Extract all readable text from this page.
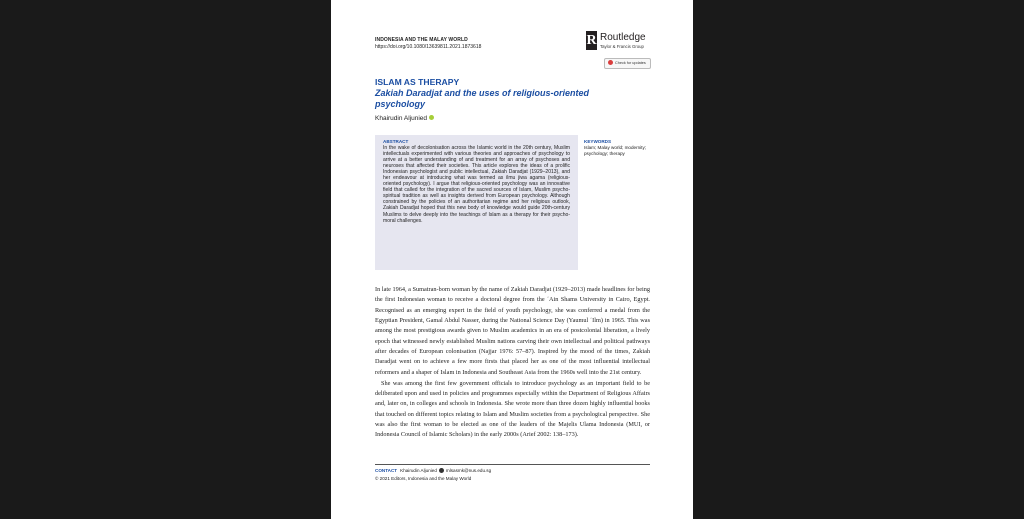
INDONESIA AND THE MALAY WORLD
https://doi.org/10.1080/13639811.2021.1873618	R Routledge
Taylor & Francis Group
Check for updates
ISLAM AS THERAPY
Zakiah Daradjat and the uses of religious-oriented psychology
Khairudin Aljunied
ABSTRACT
In the wake of decolonisation across the Islamic world in the 20th century, Muslim intellectuals experimented with various theories and approaches of psychology to arrive at a better understanding of and treatment for an array of psychoses and neuroses that affected their societies. This article explores the ideas of a prolific Indonesian psychologist and public intellectual, Zakiah Daradjat (1929–2013), and her endeavour at introducing what was termed as ilmu jiwa agama (religious-oriented psychology). I argue that religious-oriented psychology was an innovative field that called for the integration of the sacred sources of Islam, Muslim psycho-spiritual tradition as well as insights derived from European psychology. Although constrained by the policies of an authoritarian regime and her religious outlook, Zakiah Daradjat hoped that this new body of knowledge would guide 20th-century Muslims to delve deeply into the teachings of Islam as a therapy for their psycho-moral challenges.
KEYWORDS
Islam; Malay world; modernity; psychology; therapy

In late 1964, a Sumatran-born woman by the name of Zakiah Daradjat (1929–2013) made headlines for being the first Indonesian woman to receive a doctoral degree from the ʿAin Shams University in Cairo, Egypt. Recognised as an emerging expert in the field of youth psychology, she was conferred a medal from the Egyptian President, Gamal Abdul Nasser, during the National Science Day (Yaumul ʿIlm) in 1965. This was among the most prestigious awards given to Muslim academics in an era of postcolonial liberation, a lively epoch that witnessed newly established Muslim nations carving their own intellectual and political pathways after decades of European colonisation (Najjar 1976: 57–87). Inspired by the mood of the times, Zakiah Daradjat went on to achieve a few more firsts that placed her as one of the most influential intellectual reformers and a shaper of Islam in Indonesia and Southeast Asia from the 1960s well into the 21st century.

She was among the first few government officials to introduce psychology as an important field to be deliberated upon and used in policies and programmes especially within the Department of Religious Affairs and, later on, in colleges and schools in Indonesia. She wrote more than three dozen highly influential books that touched on different topics relating to Islam and Muslim societies from a psychological perspective. She was also the first woman to be elected as one of the leaders of the Majelis Ulama Indonesia (MUI, or Indonesia Council of Islamic Scholars) in the early 2000s (Arief 2002: 138–173).

CONTACT Khairudin Aljunied mlsasmk@nus.edu.sg
© 2021 Editors, Indonesia and the Malay World
